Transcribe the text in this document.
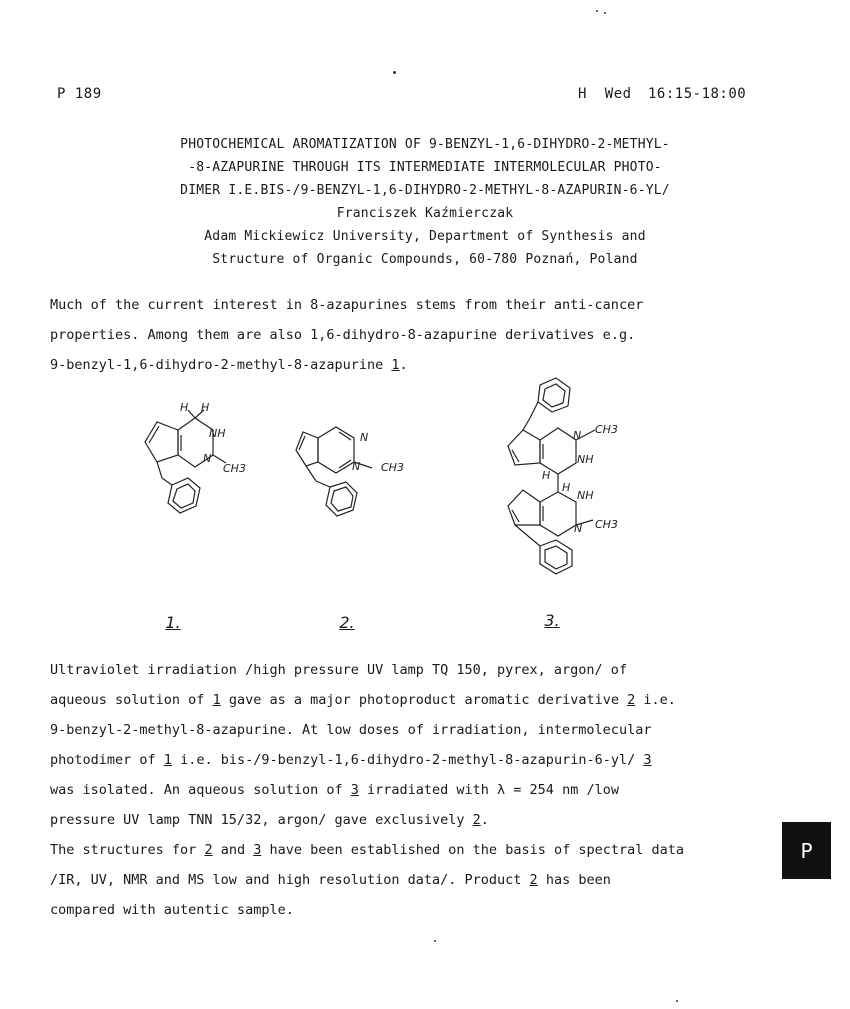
P 189	H  Wed 16:15-18:00
PHOTOCHEMICAL AROMATIZATION OF 9-BENZYL-1,6-DIHYDRO-2-METHYL-
-8-AZAPURINE THROUGH ITS INTERMEDIATE INTERMOLECULAR PHOTO-
DIMER I.E.BIS-/9-BENZYL-1,6-DIHYDRO-2-METHYL-8-AZAPURIN-6-YL/
Franciszek Kaźmierczak
Adam Mickiewicz University, Department of Synthesis and
Structure of Organic Compounds, 60-780 Poznań, Poland
Much of the current interest in 8-azapurines stems from their anti-cancer
properties. Among them are also 1,6-dihydro-8-azapurine derivatives e.g.
9-benzyl-1,6-dihydro-2-methyl-8-azapurine 1.
H H
NH
N
CH3
N
N CH3
N CH3
NH
H
H
NH
N CH3
1.	2.	3.
Ultraviolet irradiation /high pressure UV lamp TQ 150, pyrex, argon/ of
aqueous solution of 1 gave as a major photoproduct aromatic derivative 2 i.e.
9-benzyl-2-methyl-8-azapurine. At low doses of irradiation, intermolecular
photodimer of 1 i.e. bis-/9-benzyl-1,6-dihydro-2-methyl-8-azapurin-6-yl/ 3
was isolated. An aqueous solution of 3 irradiated with λ = 254 nm /low
pressure UV lamp TNN 15/32, argon/ gave exclusively 2.
The structures for 2 and 3 have been established on the basis of spectral data
/IR, UV, NMR and MS low and high resolution data/. Product 2 has been
compared with autentic sample.
P
